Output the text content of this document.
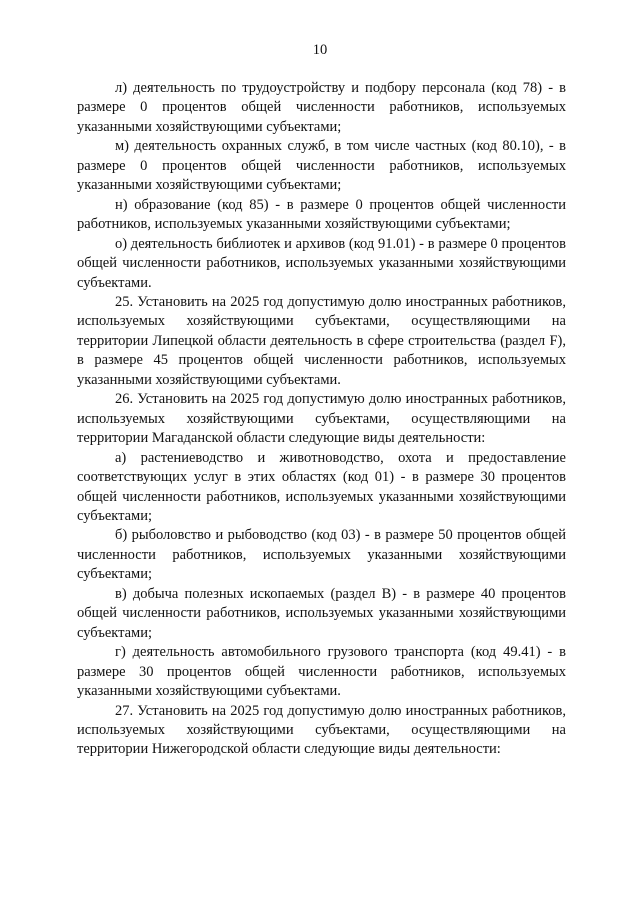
10

л) деятельность по трудоустройству и подбору персонала (код 78) - в размере 0 процентов общей численности работников, используемых указанными хозяйствующими субъектами;

м) деятельность охранных служб, в том числе частных (код 80.10), - в размере 0 процентов общей численности работников, используемых указанными хозяйствующими субъектами;

н) образование (код 85) - в размере 0 процентов общей численности работников, используемых указанными хозяйствующими субъектами;

о) деятельность библиотек и архивов (код 91.01) - в размере 0 процентов общей численности работников, используемых указанными хозяйствующими субъектами.

25. Установить на 2025 год допустимую долю иностранных работников, используемых хозяйствующими субъектами, осуществляющими на территории Липецкой области деятельность в сфере строительства (раздел F), в размере 45 процентов общей численности работников, используемых указанными хозяйствующими субъектами.

26. Установить на 2025 год допустимую долю иностранных работников, используемых хозяйствующими субъектами, осуществляющими на территории Магаданской области следующие виды деятельности:

а) растениеводство и животноводство, охота и предоставление соответствующих услуг в этих областях (код 01) - в размере 30 процентов общей численности работников, используемых указанными хозяйствующими субъектами;

б) рыболовство и рыбоводство (код 03) - в размере 50 процентов общей численности работников, используемых указанными хозяйствующими субъектами;

в) добыча полезных ископаемых (раздел B) - в размере 40 процентов общей численности работников, используемых указанными хозяйствующими субъектами;

г) деятельность автомобильного грузового транспорта (код 49.41) - в размере 30 процентов общей численности работников, используемых указанными хозяйствующими субъектами.

27. Установить на 2025 год допустимую долю иностранных работников, используемых хозяйствующими субъектами, осуществляющими на территории Нижегородской области следующие виды деятельности:
